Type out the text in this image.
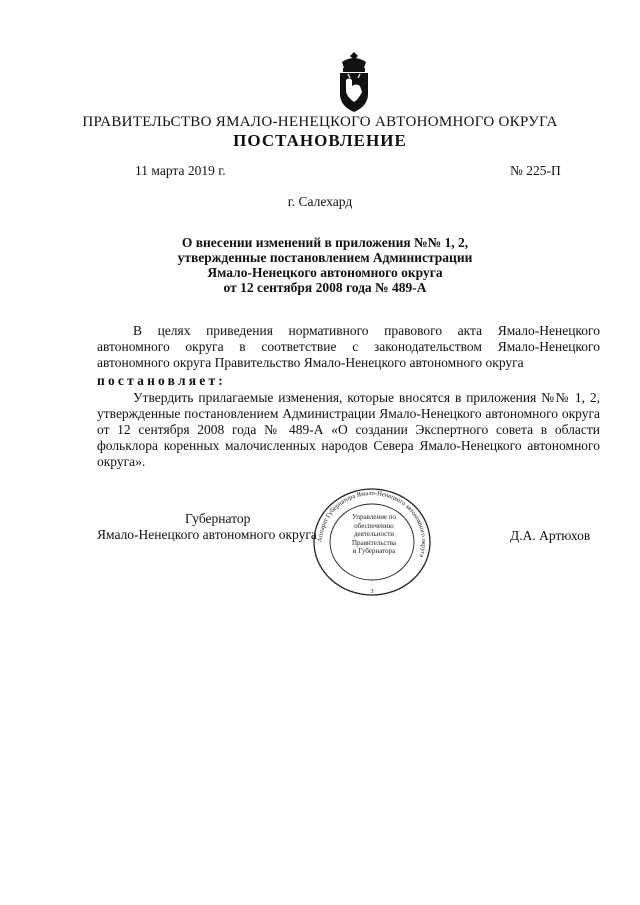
ПРАВИТЕЛЬСТВО ЯМАЛО-НЕНЕЦКОГО АВТОНОМНОГО ОКРУГА
ПОСТАНОВЛЕНИЕ
11 марта 2019 г.	№ 225-П
г. Салехард
О внесении изменений в приложения №№ 1, 2,
утвержденные постановлением Администрации
Ямало-Ненецкого автономного округа
от 12 сентября 2008 года № 489-А
В целях приведения нормативного правового акта Ямало-Ненецкого автономного округа в соответствие с законодательством Ямало-Ненецкого автономного округа Правительство Ямало-Ненецкого автономного округа
постановляет:
Утвердить прилагаемые изменения, которые вносятся в приложения №№ 1, 2, утвержденные постановлением Администрации Ямало-Ненецкого автономного округа от 12 сентября 2008 года № 489-А «О создании Экспертного совета в области фольклора коренных малочисленных народов Севера Ямало-Ненецкого автономного округа».
Губернатор
Ямало-Ненецкого автономного округа	Д.А. Артюхов
Аппарат Губернатора Ямало-Ненецкого автономного округа
3
Управление по
обеспечению
деятельности
Правительства
и Губернатора
